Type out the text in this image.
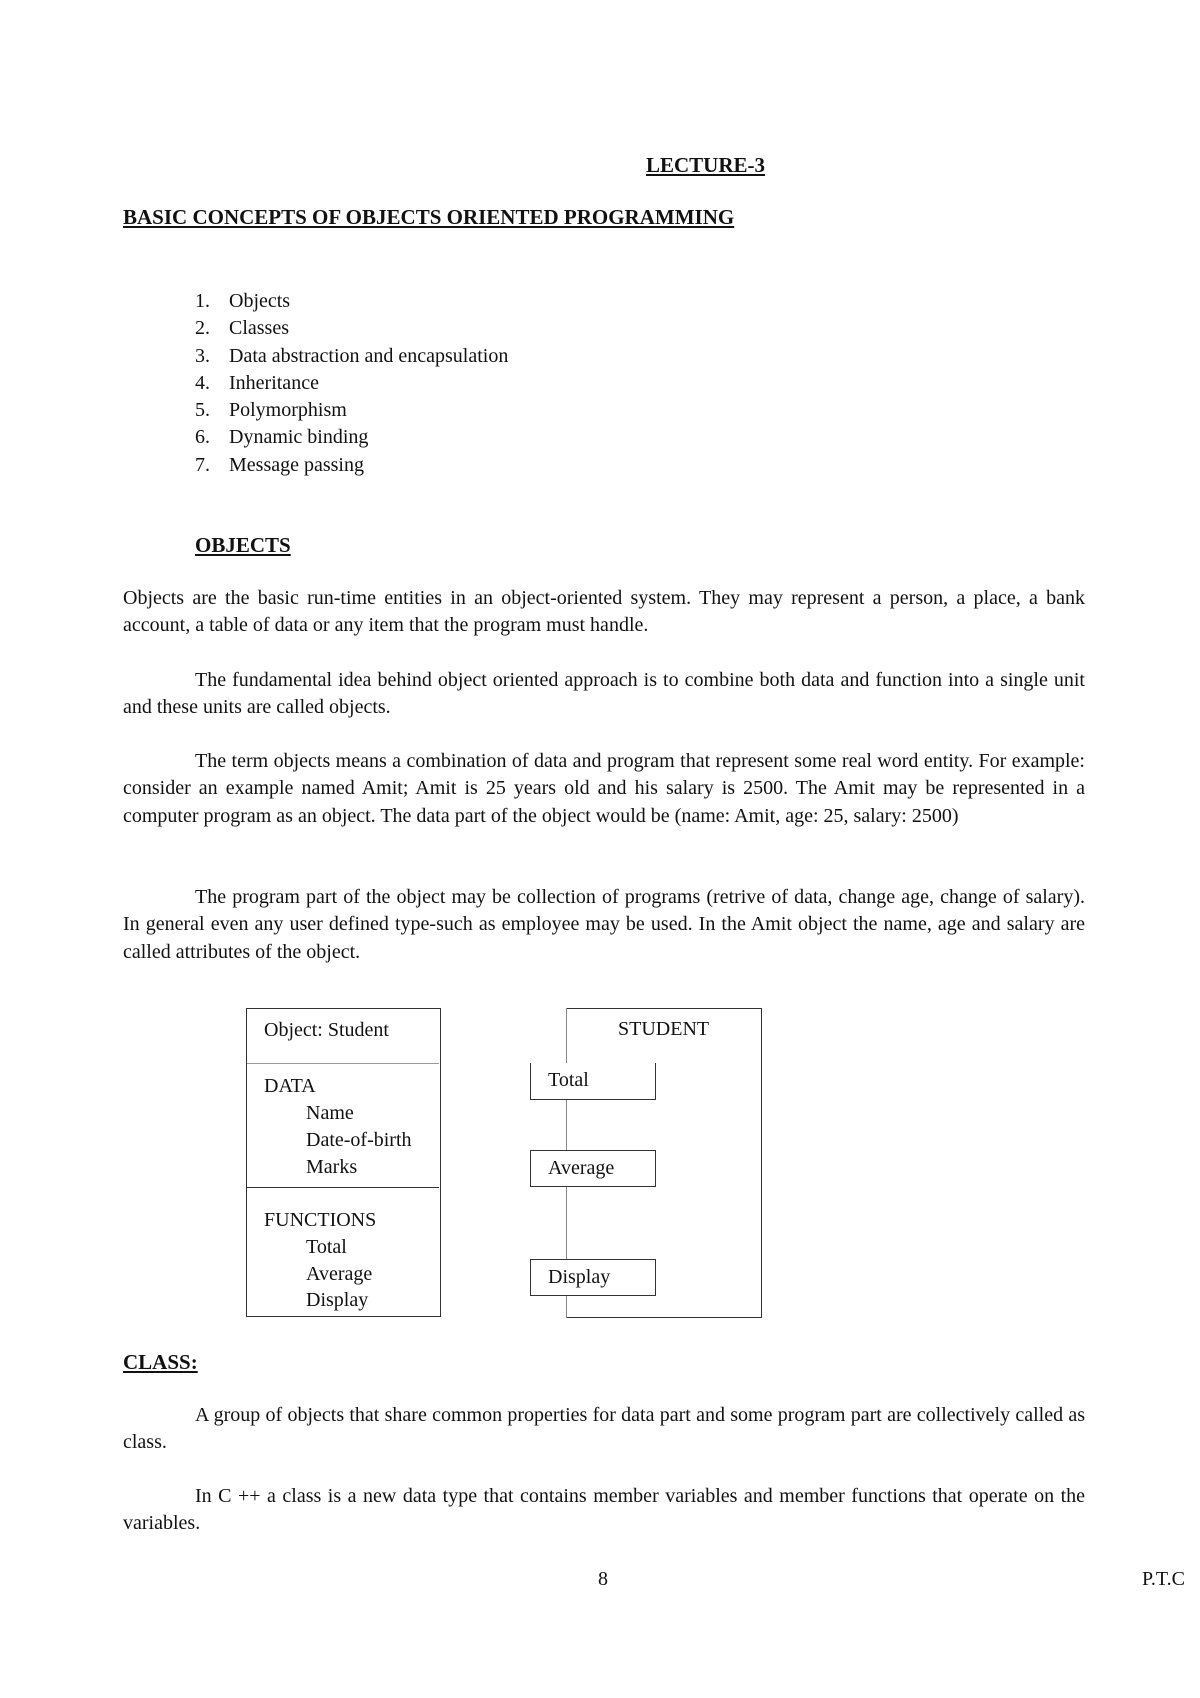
LECTURE-3
BASIC CONCEPTS OF OBJECTS ORIENTED PROGRAMMING
1. Objects
2. Classes
3. Data abstraction and encapsulation
4. Inheritance
5. Polymorphism
6. Dynamic binding
7. Message passing
OBJECTS

Objects are the basic run-time entities in an object-oriented system. They may represent a person, a place, a bank account, a table of data or any item that the program must handle.

The fundamental idea behind object oriented approach is to combine both data and function into a single unit and these units are called objects.

The term objects means a combination of data and program that represent some real word entity. For example: consider an example named Amit; Amit is 25 years old and his salary is 2500. The Amit may be represented in a computer program as an object. The data part of the object would be (name: Amit, age: 25, salary: 2500)

The program part of the object may be collection of programs (retrive of data, change age, change of salary). In general even any user defined type-such as employee may be used. In the Amit object the name, age and salary are called attributes of the object.

Object: Student
DATA
Name
Date-of-birth
Marks
FUNCTIONS
Total
Average
Display
STUDENT
Total
Average
Display
CLASS:

A group of objects that share common properties for data part and some program part are collectively called as class.

In C ++ a class is a new data type that contains member variables and member functions that operate on the variables.

8	P.T.C
